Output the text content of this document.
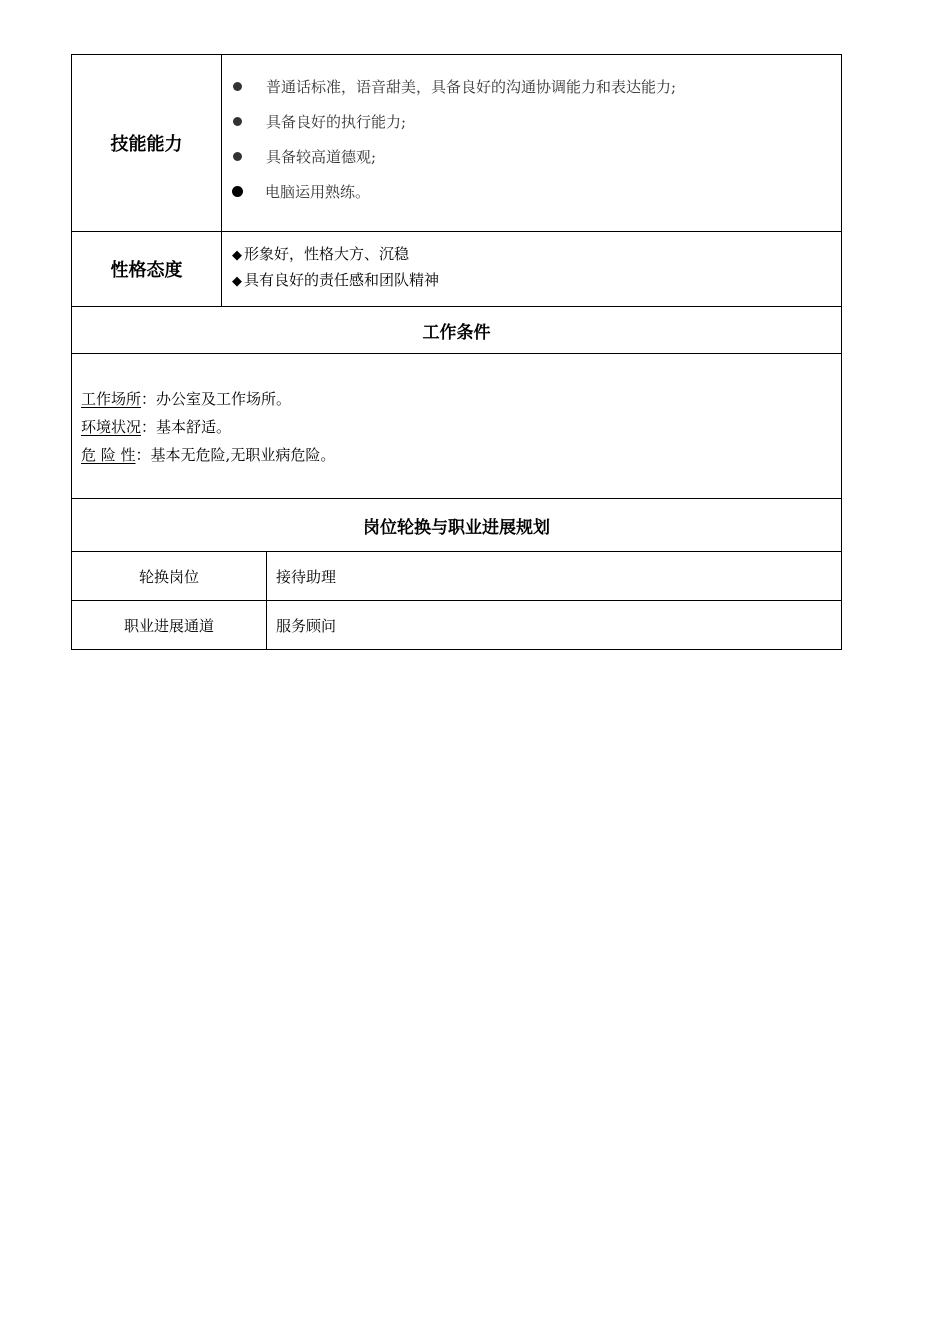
技能能力	普通话标准，语音甜美，具备良好的沟通协调能力和表达能力;
具备良好的执行能力;
具备较高道德观;
电脑运用熟练。	

性格态度	◆ 形象好，性格大方、沉稳
◆ 具有良好的责任感和团队精神	

工作条件		

工作场所：办公室及工作场所。
环境状况：基本舒适。
危 险 性：基本无危险,无职业病危险。		

岗位轮换与职业进展规划		
轮换岗位		接待助理
职业进展通道		服务顾问
